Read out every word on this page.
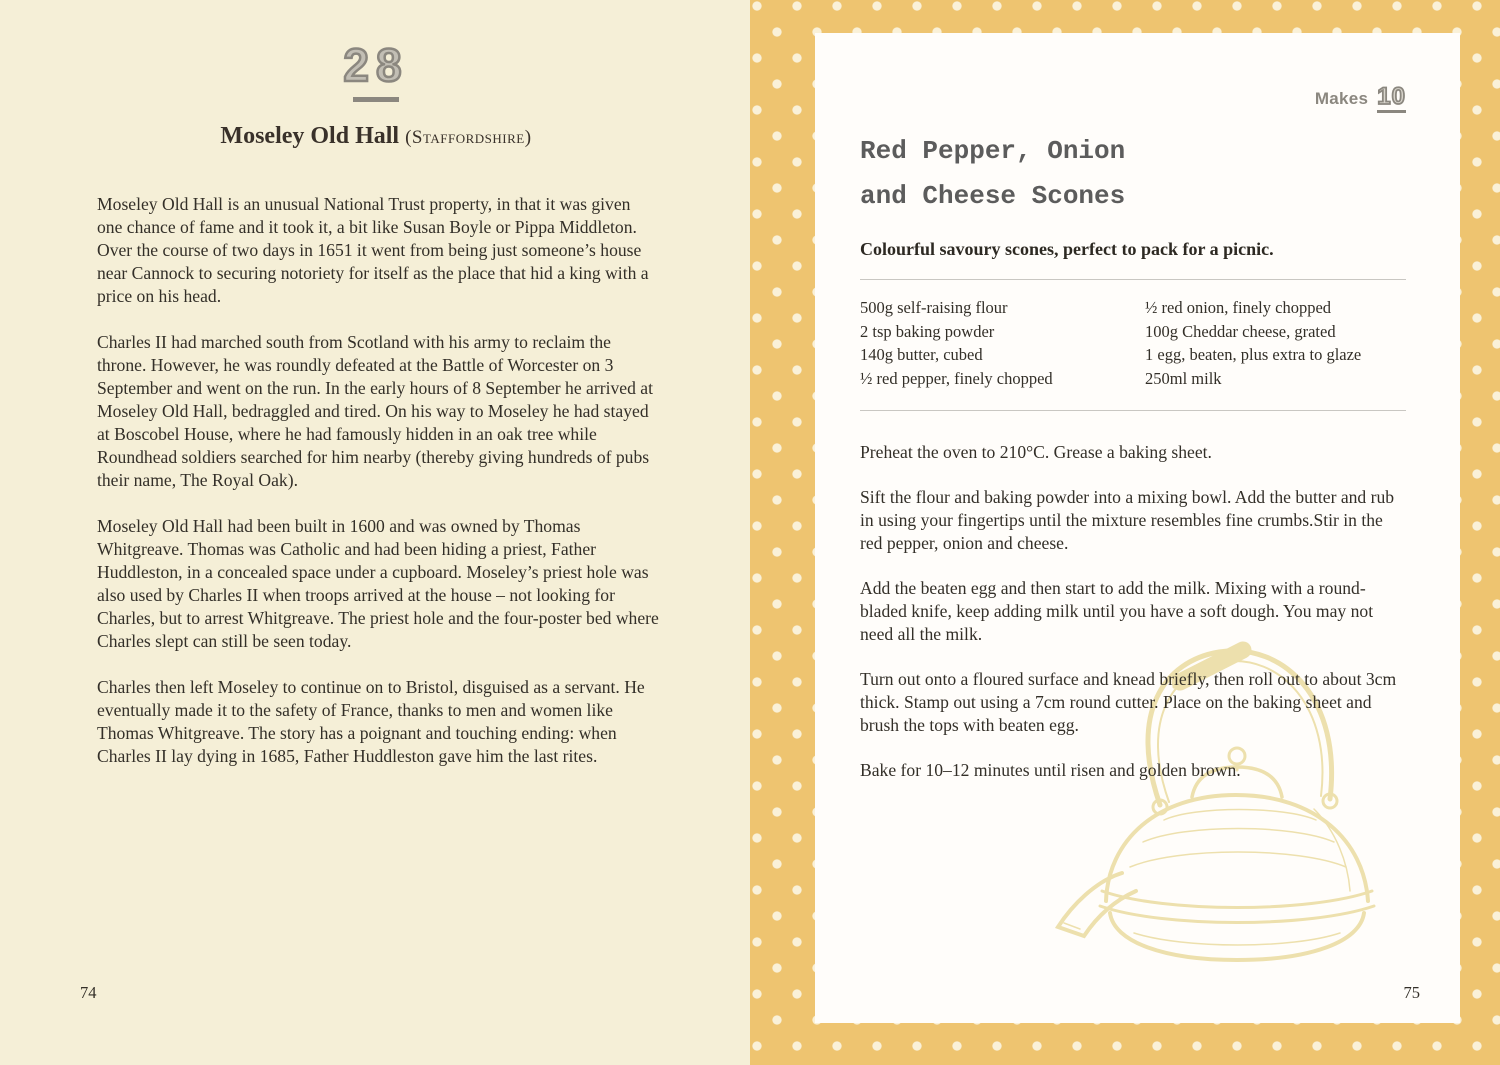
28
Moseley Old Hall (Staffordshire)

Moseley Old Hall is an unusual National Trust property, in that it was given one chance of fame and it took it, a bit like Susan Boyle or Pippa Middleton. Over the course of two days in 1651 it went from being just someone’s house near Cannock to securing notoriety for itself as the place that hid a king with a price on his head.

Charles II had marched south from Scotland with his army to reclaim the throne. However, he was roundly defeated at the Battle of Worcester on 3 September and went on the run. In the early hours of 8 September he arrived at Moseley Old Hall, bedraggled and tired. On his way to Moseley he had stayed at Boscobel House, where he had famously hidden in an oak tree while Roundhead soldiers searched for him nearby (thereby giving hundreds of pubs their name, The Royal Oak).

Moseley Old Hall had been built in 1600 and was owned by Thomas Whitgreave. Thomas was Catholic and had been hiding a priest, Father Huddleston, in a concealed space under a cupboard. Moseley’s priest hole was also used by Charles II when troops arrived at the house – not looking for Charles, but to arrest Whitgreave. The priest hole and the four-poster bed where Charles slept can still be seen today.

Charles then left Moseley to continue on to Bristol, disguised as a servant. He eventually made it to the safety of France, thanks to men and women like Thomas Whitgreave. The story has a poignant and touching ending: when Charles II lay dying in 1685, Father Huddleston gave him the last rites.

74
Makes 10
Red Pepper, Onion
and Cheese Scones

Colourful savoury scones, perfect to pack for a picnic.

500g self-raising flour
2 tsp baking powder
140g butter, cubed
½ red pepper, finely chopped
½ red onion, finely chopped
100g Cheddar cheese, grated
1 egg, beaten, plus extra to glaze
250ml milk

Preheat the oven to 210°C. Grease a baking sheet.

Sift the flour and baking powder into a mixing bowl. Add the butter and rub in using your fingertips until the mixture resembles fine crumbs.Stir in the red pepper, onion and cheese.

Add the beaten egg and then start to add the milk. Mixing with a round-bladed knife, keep adding milk until you have a soft dough. You may not need all the milk.

Turn out onto a floured surface and knead briefly, then roll out to about 3cm thick. Stamp out using a 7cm round cutter. Place on the baking sheet and brush the tops with beaten egg.

Bake for 10–12 minutes until risen and golden brown.

75
